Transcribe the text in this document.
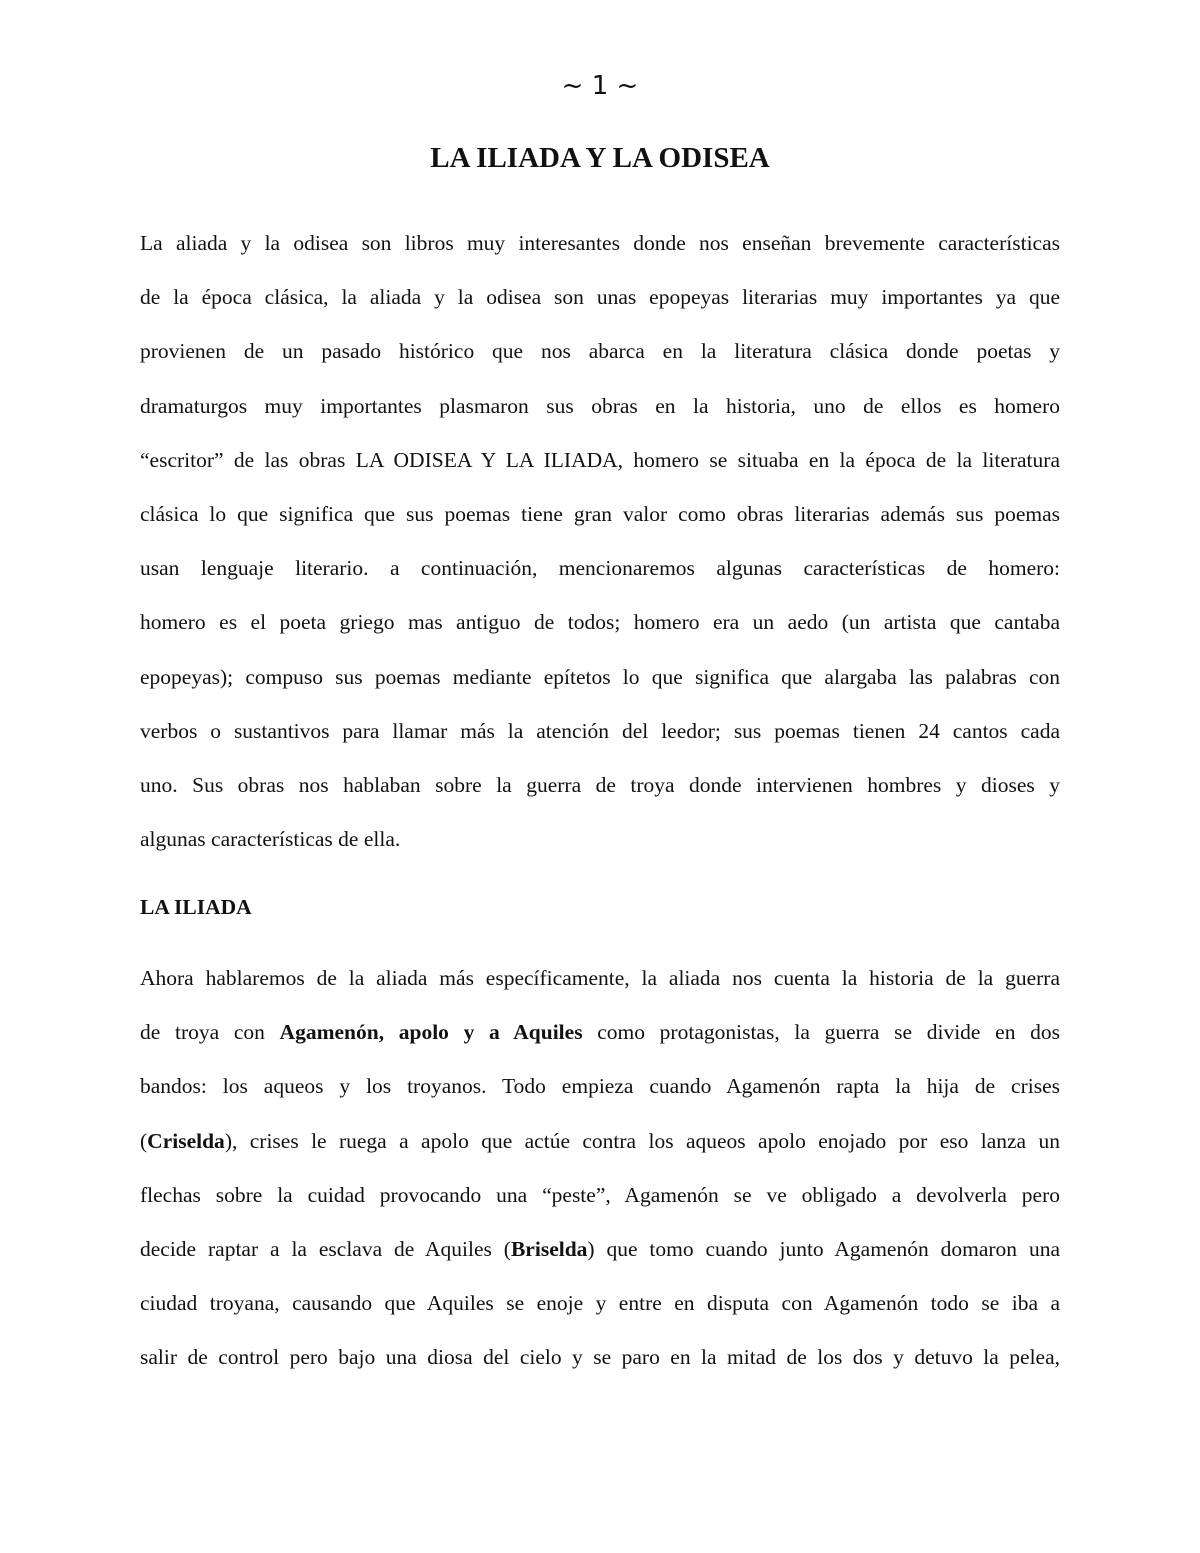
~ 1 ~
LA ILIADA Y LA ODISEA
La aliada y la odisea son libros muy interesantes donde nos enseñan brevemente características
de la época clásica, la aliada y la odisea son unas epopeyas literarias muy importantes ya que
provienen de un pasado histórico que nos abarca en la literatura clásica donde poetas y
dramaturgos muy importantes plasmaron sus obras en la historia, uno de ellos es homero
“escritor” de las obras LA ODISEA Y LA ILIADA, homero se situaba en la época de la literatura
clásica lo que significa que sus poemas tiene gran valor como obras literarias además sus poemas
usan lenguaje literario. a continuación, mencionaremos algunas características de homero:
homero es el poeta griego mas antiguo de todos; homero era un aedo (un artista que cantaba
epopeyas); compuso sus poemas mediante epítetos lo que significa que alargaba las palabras con
verbos o sustantivos para llamar más la atención del leedor; sus poemas tienen 24 cantos cada
uno. Sus obras nos hablaban sobre la guerra de troya donde intervienen hombres y dioses y
algunas características de ella.
LA ILIADA
Ahora hablaremos de la aliada más específicamente, la aliada nos cuenta la historia de la guerra
de troya con Agamenón, apolo y a Aquiles como protagonistas, la guerra se divide en dos
bandos: los aqueos y los troyanos. Todo empieza cuando Agamenón rapta la hija de crises
(Criselda), crises le ruega a apolo que actúe contra los aqueos apolo enojado por eso lanza un
flechas sobre la cuidad provocando una “peste”, Agamenón se ve obligado a devolverla pero
decide raptar a la esclava de Aquiles (Briselda) que tomo cuando junto Agamenón domaron una
ciudad troyana, causando que Aquiles se enoje y entre en disputa con Agamenón todo se iba a
salir de control pero bajo una diosa del cielo y se paro en la mitad de los dos y detuvo la pelea,
